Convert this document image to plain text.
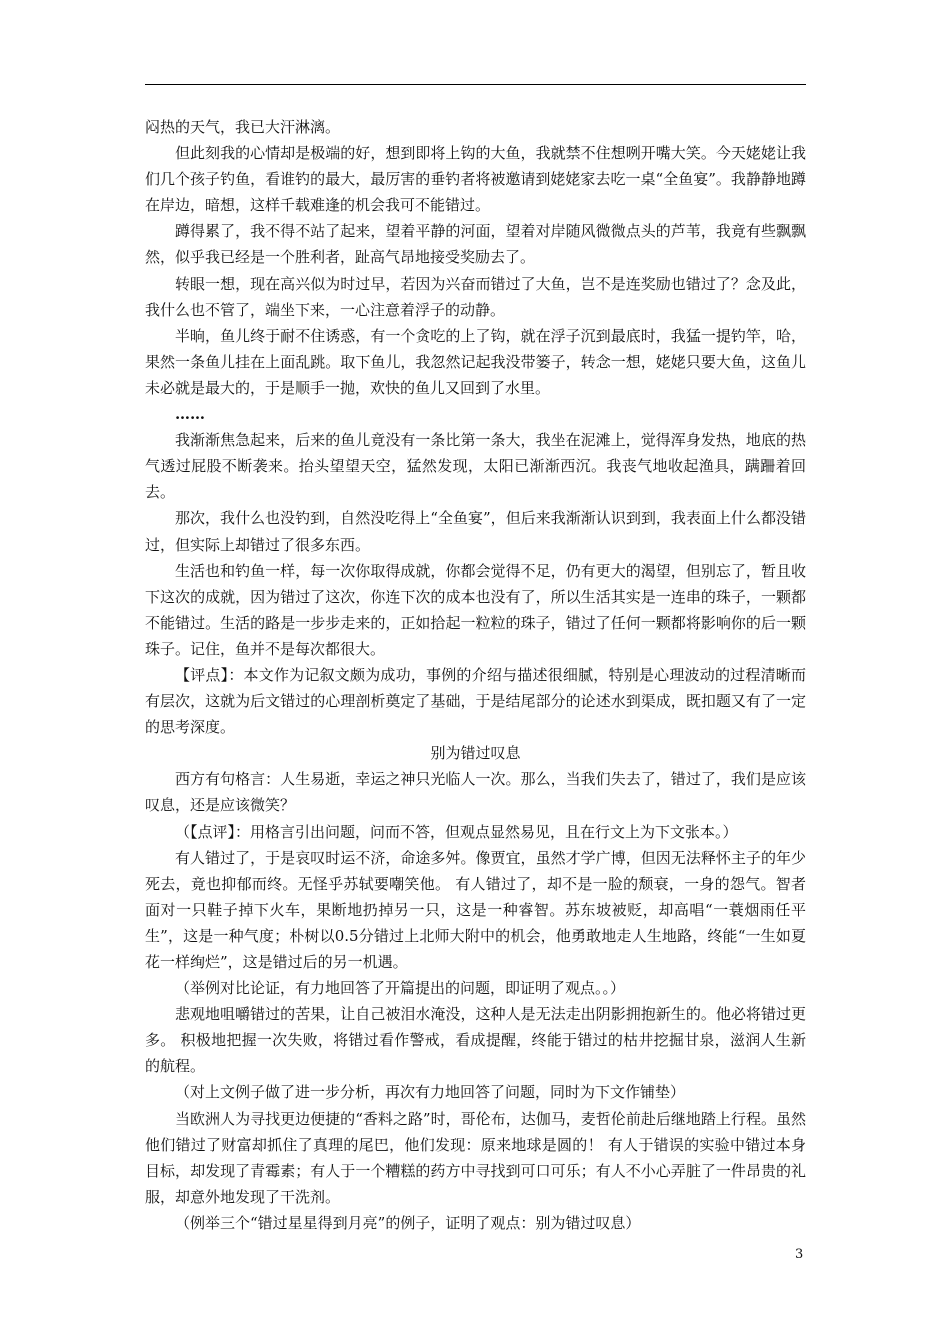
闷热的天气，我已大汗淋漓。

但此刻我的心情却是极端的好，想到即将上钩的大鱼，我就禁不住想咧开嘴大笑。今天姥姥让我们几个孩子钓鱼，看谁钓的最大，最厉害的垂钓者将被邀请到姥姥家去吃一桌“全鱼宴”。我静静地蹲在岸边，暗想，这样千载难逢的机会我可不能错过。

蹲得累了，我不得不站了起来，望着平静的河面，望着对岸随风微微点头的芦苇，我竟有些飘飘然，似乎我已经是一个胜利者，趾高气昂地接受奖励去了。

转眼一想，现在高兴似为时过早，若因为兴奋而错过了大鱼，岂不是连奖励也错过了？念及此，我什么也不管了，端坐下来，一心注意着浮子的动静。

半晌，鱼儿终于耐不住诱惑，有一个贪吃的上了钩，就在浮子沉到最底时，我猛一提钓竿，哈，果然一条鱼儿挂在上面乱跳。取下鱼儿，我忽然记起我没带篓子，转念一想，姥姥只要大鱼，这鱼儿未必就是最大的，于是顺手一抛，欢快的鱼儿又回到了水里。

……

我渐渐焦急起来，后来的鱼儿竟没有一条比第一条大，我坐在泥滩上，觉得浑身发热，地底的热气透过屁股不断袭来。抬头望望天空，猛然发现，太阳已渐渐西沉。我丧气地收起渔具，蹒跚着回去。

那次，我什么也没钓到，自然没吃得上“全鱼宴”，但后来我渐渐认识到到，我表面上什么都没错过，但实际上却错过了很多东西。

生活也和钓鱼一样，每一次你取得成就，你都会觉得不足，仍有更大的渴望，但别忘了，暂且收下这次的成就，因为错过了这次，你连下次的成本也没有了，所以生活其实是一连串的珠子，一颗都不能错过。生活的路是一步步走来的，正如拾起一粒粒的珠子，错过了任何一颗都将影响你的后一颗珠子。记住，鱼并不是每次都很大。

【评点】：本文作为记叙文颇为成功，事例的介绍与描述很细腻，特别是心理波动的过程清晰而有层次，这就为后文错过的心理剖析奠定了基础，于是结尾部分的论述水到渠成，既扣题又有了一定的思考深度。

别为错过叹息

西方有句格言：人生易逝，幸运之神只光临人一次。那么，当我们失去了，错过了，我们是应该叹息，还是应该微笑？

（【点评】：用格言引出问题，问而不答，但观点显然易见，且在行文上为下文张本。）

有人错过了，于是哀叹时运不济，命途多舛。像贾宜，虽然才学广博，但因无法释怀主子的年少死去，竟也抑郁而终。无怪乎苏轼要嘲笑他。 有人错过了，却不是一脸的颓衰，一身的怨气。智者面对一只鞋子掉下火车，果断地扔掉另一只，这是一种睿智。苏东坡被贬，却高唱“一蓑烟雨任平生”，这是一种气度；朴树以0.5分错过上北师大附中的机会，他勇敢地走人生地路，终能“一生如夏花一样绚烂”，这是错过后的另一机遇。

（举例对比论证，有力地回答了开篇提出的问题，即证明了观点。。）

悲观地咀嚼错过的苦果，让自己被泪水淹没，这种人是无法走出阴影拥抱新生的。他必将错过更多。 积极地把握一次失败，将错过看作警戒，看成提醒，终能于错过的枯井挖掘甘泉，滋润人生新的航程。

（对上文例子做了进一步分析，再次有力地回答了问题，同时为下文作铺垫）

当欧洲人为寻找更边便捷的“香料之路”时，哥伦布，达伽马，麦哲伦前赴后继地踏上行程。虽然他们错过了财富却抓住了真理的尾巴，他们发现：原来地球是圆的！ 有人于错误的实验中错过本身目标，却发现了青霉素；有人于一个糟糕的药方中寻找到可口可乐；有人不小心弄脏了一件昂贵的礼服，却意外地发现了干洗剂。

（例举三个“错过星星得到月亮”的例子，证明了观点：别为错过叹息）

3
